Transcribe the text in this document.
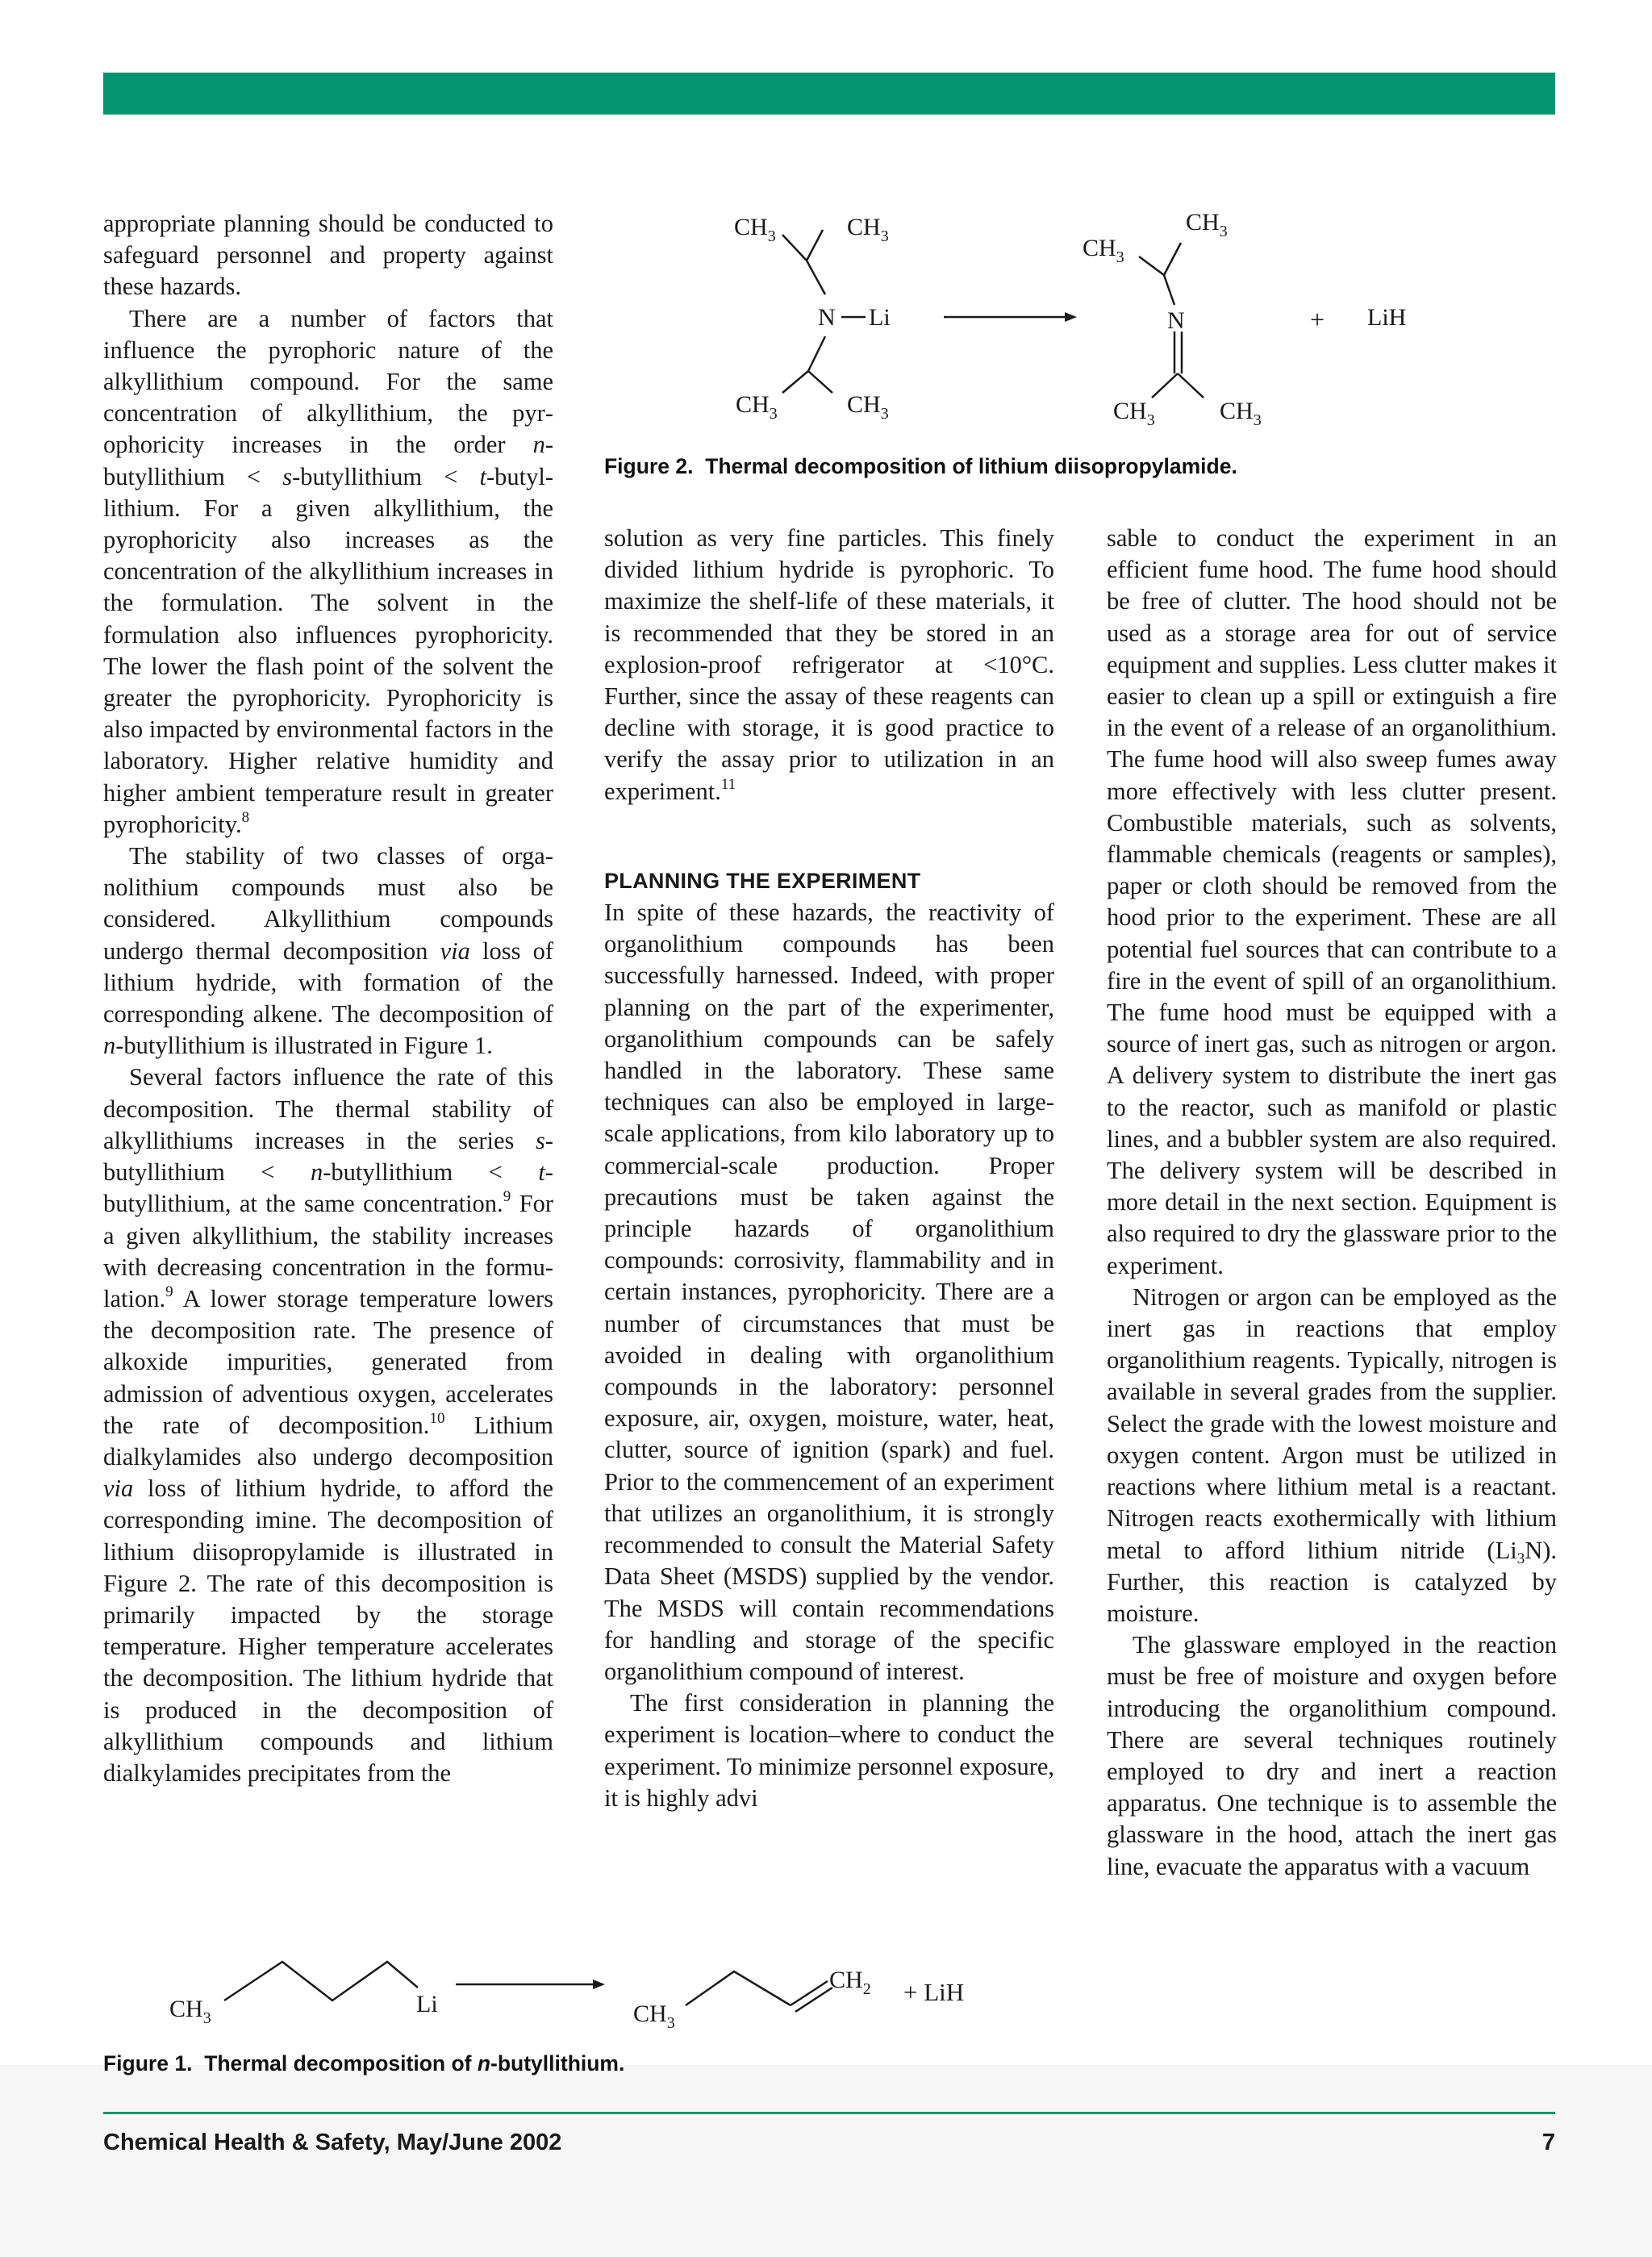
appropriate planning should be conducted to safeguard personnel and property against these hazards.

There are a number of factors that influence the pyrophoric nature of the alkyllithium compound. For the same concentration of alkyllithium, the pyrophoricity increases in the order n-butyllithium < s-butyllithium < t-butyllithium. For a given alkyllithium, the pyrophoricity also increases as the concentration of the alkyllithium increases in the formulation. The solvent in the formulation also influences pyrophoricity. The lower the flash point of the solvent the greater the pyrophoricity. Pyrophoricity is also impacted by environmental factors in the laboratory. Higher relative humidity and higher ambient temperature result in greater pyrophoricity.$^8$

The stability of two classes of organolithium compounds must also be considered. Alkyllithium compounds undergo thermal decomposition via loss of lithium hydride, with formation of the corresponding alkene. The decomposition of n-butyllithium is illustrated in Figure 1.

Several factors influence the rate of this decomposition. The thermal stability of alkyllithiums increases in the series s-butyllithium < n-butyllithium < t-butyllithium, at the same concentration.$^9$ For a given alkyllithium, the stability increases with decreasing concentration in the formulation.$^9$ A lower storage temperature lowers the decomposition rate. The presence of alkoxide impurities, generated from admission of adventious oxygen, accelerates the rate of decomposition.$^{10}$ Lithium dialkylamides also undergo decomposition via loss of lithium hydride, to afford the corresponding imine. The decomposition of lithium diisopropylamide is illustrated in Figure 2. The rate of this decomposition is primarily impacted by the storage temperature. Higher temperature accelerates the decomposition. The lithium hydride that is produced in the decomposition of alkyllithium compounds and lithium dialkylamides precipitates from the

solution as very fine particles. This finely divided lithium hydride is pyrophoric. To maximize the shelf-life of these materials, it is recommended that they be stored in an explosion-proof refrigerator at <10°C. Further, since the assay of these reagents can decline with storage, it is good practice to verify the assay prior to utilization in an experiment.$^{11}$

PLANNING THE EXPERIMENT

In spite of these hazards, the reactivity of organolithium compounds has been successfully harnessed. Indeed, with proper planning on the part of the experimenter, organolithium compounds can be safely handled in the laboratory. These same techniques can also be employed in large-scale applications, from kilo laboratory up to commercial-scale production. Proper precautions must be taken against the principle hazards of organolithium compounds: corrosivity, flammability and in certain instances, pyrophoricity. There are a number of circumstances that must be avoided in dealing with organolithium compounds in the laboratory: personnel exposure, air, oxygen, moisture, water, heat, clutter, source of ignition (spark) and fuel. Prior to the commencement of an experiment that utilizes an organolithium, it is strongly recommended to consult the Material Safety Data Sheet (MSDS) supplied by the vendor. The MSDS will contain recommendations for handling and storage of the specific organolithium compound of interest.

The first consideration in planning the experiment is location–where to conduct the experiment. To minimize personnel exposure, it is highly advi

sable to conduct the experiment in an efficient fume hood. The fume hood should be free of clutter. The hood should not be used as a storage area for out of service equipment and supplies. Less clutter makes it easier to clean up a spill or extinguish a fire in the event of a release of an organolithium. The fume hood will also sweep fumes away more effectively with less clutter present. Combustible materials, such as solvents, flammable chemicals (reagents or samples), paper or cloth should be removed from the hood prior to the experiment. These are all potential fuel sources that can contribute to a fire in the event of spill of an organolithium. The fume hood must be equipped with a source of inert gas, such as nitrogen or argon. A delivery system to distribute the inert gas to the reactor, such as manifold or plastic lines, and a bubbler system are also required. The delivery system will be described in more detail in the next section. Equipment is also required to dry the glassware prior to the experiment.

Nitrogen or argon can be employed as the inert gas in reactions that employ organolithium reagents. Typically, nitrogen is available in several grades from the supplier. Select the grade with the lowest moisture and oxygen content. Argon must be utilized in reactions where lithium metal is a reactant. Nitrogen reacts exothermically with lithium metal to afford lithium nitride $(Li_3N)$. Further, this reaction is catalyzed by moisture.

The glassware employed in the reaction must be free of moisture and oxygen before introducing the organolithium compound. There are several techniques routinely employed to dry and inert a reaction apparatus. One technique is to assemble the glassware in the hood, attach the inert gas line, evacuate the apparatus with a vacuum

$CH_3$	$CH_3$
N Li
$CH_3$	$CH_3$
$CH_3$
$CH_3$
N
$CH_3$	$CH_3$
+ LiH
Figure 2. Thermal decomposition of lithium diisopropylamide.
$CH_3$
Li	$CH_3$
$CH_2$ + LiH
Figure 1. Thermal decomposition of n-butyllithium.
Chemical Health & Safety, May/June 2002	7
